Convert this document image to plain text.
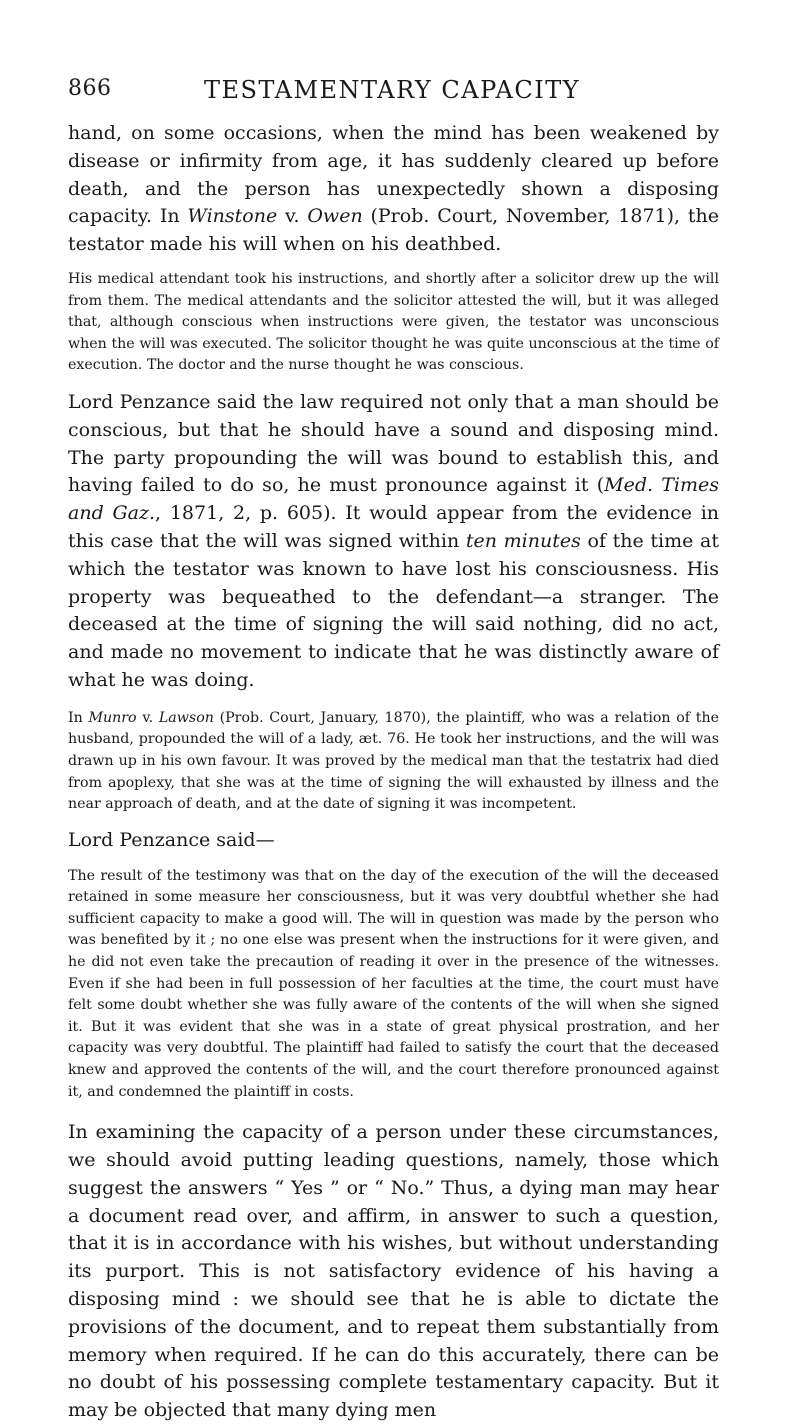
866	TESTAMENTARY CAPACITY

hand, on some occasions, when the mind has been weakened by disease or infirmity from age, it has suddenly cleared up before death, and the person has unexpectedly shown a disposing capacity. In Winstone v. Owen (Prob. Court, November, 1871), the testator made his will when on his deathbed.

His medical attendant took his instructions, and shortly after a solicitor drew up the will from them. The medical attendants and the solicitor attested the will, but it was alleged that, although conscious when instructions were given, the testator was unconscious when the will was executed. The solicitor thought he was quite unconscious at the time of execution. The doctor and the nurse thought he was conscious.

Lord Penzance said the law required not only that a man should be conscious, but that he should have a sound and disposing mind. The party propounding the will was bound to establish this, and having failed to do so, he must pronounce against it (Med. Times and Gaz., 1871, 2, p. 605). It would appear from the evidence in this case that the will was signed within ten minutes of the time at which the testator was known to have lost his consciousness. His property was bequeathed to the defendant—a stranger. The deceased at the time of signing the will said nothing, did no act, and made no movement to indicate that he was distinctly aware of what he was doing.

In Munro v. Lawson (Prob. Court, January, 1870), the plaintiff, who was a relation of the husband, propounded the will of a lady, æt. 76. He took her instructions, and the will was drawn up in his own favour. It was proved by the medical man that the testatrix had died from apoplexy, that she was at the time of signing the will exhausted by illness and the near approach of death, and at the date of signing it was incompetent.

Lord Penzance said—

The result of the testimony was that on the day of the execution of the will the deceased retained in some measure her consciousness, but it was very doubtful whether she had sufficient capacity to make a good will. The will in question was made by the person who was benefited by it ; no one else was present when the instructions for it were given, and he did not even take the precaution of reading it over in the presence of the witnesses. Even if she had been in full possession of her faculties at the time, the court must have felt some doubt whether she was fully aware of the contents of the will when she signed it. But it was evident that she was in a state of great physical prostration, and her capacity was very doubtful. The plaintiff had failed to satisfy the court that the deceased knew and approved the contents of the will, and the court therefore pronounced against it, and condemned the plaintiff in costs.

In examining the capacity of a person under these circumstances, we should avoid putting leading questions, namely, those which suggest the answers “ Yes ” or “ No.” Thus, a dying man may hear a document read over, and affirm, in answer to such a question, that it is in accordance with his wishes, but without understanding its purport. This is not satisfactory evidence of his having a disposing mind : we should see that he is able to dictate the provisions of the document, and to repeat them substantially from memory when required. If he can do this accurately, there can be no doubt of his possessing complete testamentary capacity. But it may be objected that many dying men
